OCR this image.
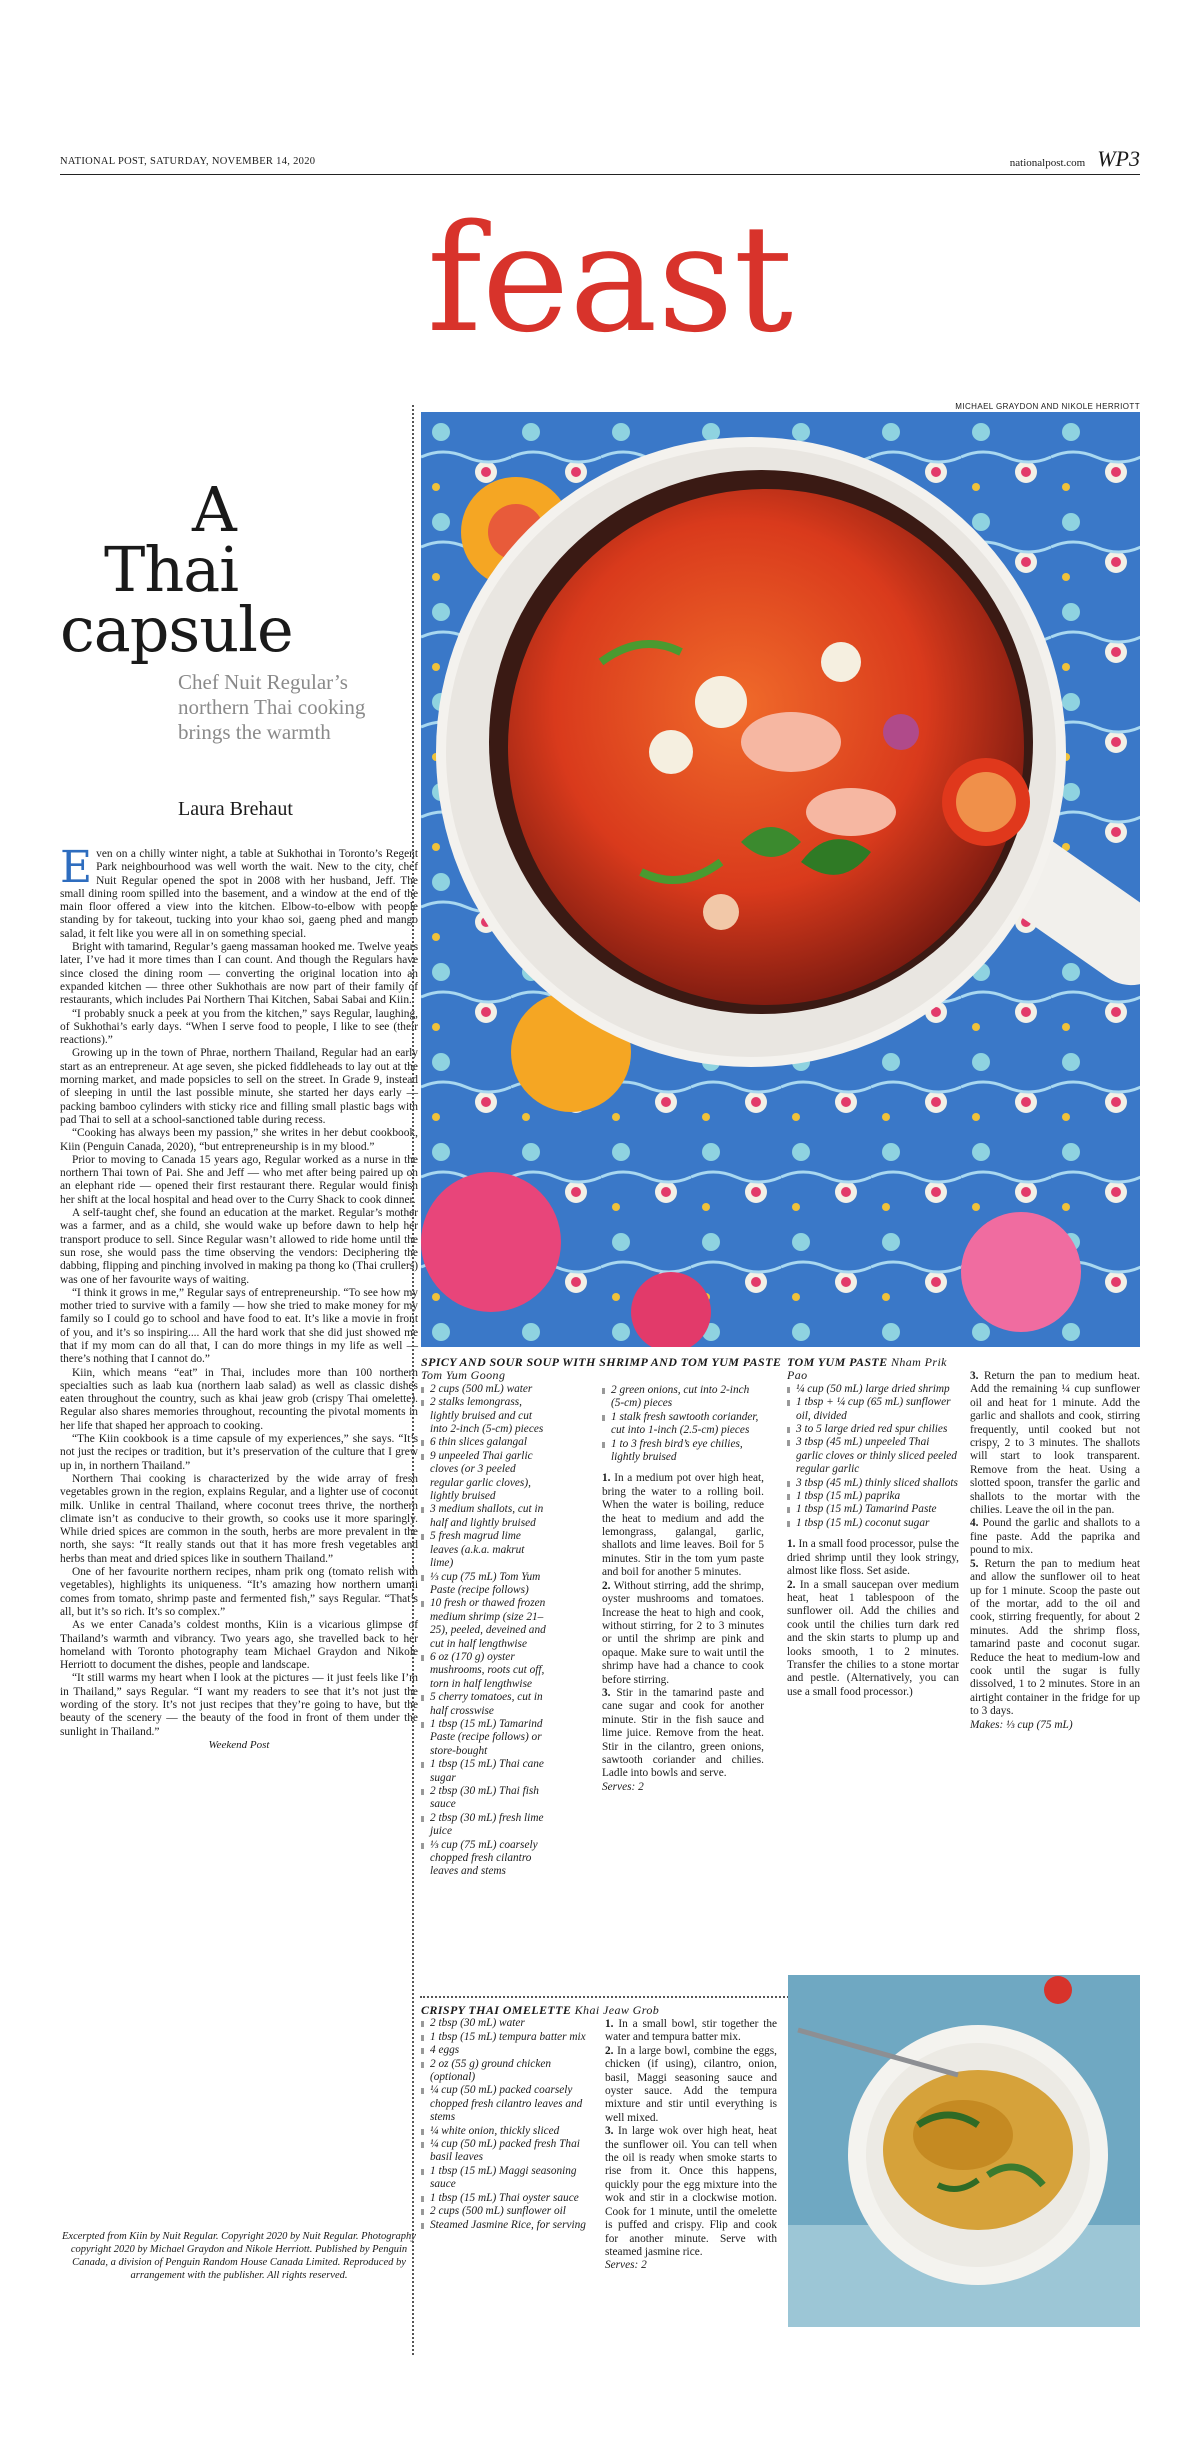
NATIONAL POST, SATURDAY, NOVEMBER 14, 2020	nationalpost.com WP3
feast
MICHAEL GRAYDON AND NIKOLE HERRIOTT
A
Thai
capsule
Chef Nuit Regular’s northern Thai cooking brings the warmth
Laura Brehaut

Even on a chilly winter night, a table at Sukhothai in Toronto’s Regent Park neighbourhood was well worth the wait. New to the city, chef Nuit Regular opened the spot in 2008 with her husband, Jeff. The small dining room spilled into the basement, and a window at the end of the main floor offered a view into the kitchen. Elbow-to-elbow with people standing by for takeout, tucking into your khao soi, gaeng phed and mango salad, it felt like you were all in on something special.

Bright with tamarind, Regular’s gaeng massaman hooked me. Twelve years later, I’ve had it more times than I can count. And though the Regulars have since closed the dining room — converting the original location into an expanded kitchen — three other Sukhothais are now part of their family of restaurants, which includes Pai Northern Thai Kitchen, Sabai Sabai and Kiin.

“I probably snuck a peek at you from the kitchen,” says Regular, laughing, of Sukhothai’s early days. “When I serve food to people, I like to see (their reactions).”

Growing up in the town of Phrae, northern Thailand, Regular had an early start as an entrepreneur. At age seven, she picked fiddleheads to lay out at the morning market, and made popsicles to sell on the street. In Grade 9, instead of sleeping in until the last possible minute, she started her days early — packing bamboo cylinders with sticky rice and filling small plastic bags with pad Thai to sell at a school-sanctioned table during recess.

“Cooking has always been my passion,” she writes in her debut cookbook, Kiin (Penguin Canada, 2020), “but entrepreneurship is in my blood.”

Prior to moving to Canada 15 years ago, Regular worked as a nurse in the northern Thai town of Pai. She and Jeff — who met after being paired up on an elephant ride — opened their first restaurant there. Regular would finish her shift at the local hospital and head over to the Curry Shack to cook dinner.

A self-taught chef, she found an education at the market. Regular’s mother was a farmer, and as a child, she would wake up before dawn to help her transport produce to sell. Since Regular wasn’t allowed to ride home until the sun rose, she would pass the time observing the vendors: Deciphering the dabbing, flipping and pinching involved in making pa thong ko (Thai crullers) was one of her favourite ways of waiting.

“I think it grows in me,” Regular says of entrepreneurship. “To see how my mother tried to survive with a family — how she tried to make money for my family so I could go to school and have food to eat. It’s like a movie in front of you, and it’s so inspiring.... All the hard work that she did just showed me that if my mom can do all that, I can do more things in my life as well — there’s nothing that I cannot do.”

Kiin, which means “eat” in Thai, includes more than 100 northern specialties such as laab kua (northern laab salad) as well as classic dishes eaten throughout the country, such as khai jeaw grob (crispy Thai omelette). Regular also shares memories throughout, recounting the pivotal moments in her life that shaped her approach to cooking.

“The Kiin cookbook is a time capsule of my experiences,” she says. “It’s not just the recipes or tradition, but it’s preservation of the culture that I grew up in, in northern Thailand.”

Northern Thai cooking is characterized by the wide array of fresh vegetables grown in the region, explains Regular, and a lighter use of coconut milk. Unlike in central Thailand, where coconut trees thrive, the northern climate isn’t as conducive to their growth, so cooks use it more sparingly. While dried spices are common in the south, herbs are more prevalent in the north, she says: “It really stands out that it has more fresh vegetables and herbs than meat and dried spices like in southern Thailand.”

One of her favourite northern recipes, nham prik ong (tomato relish with vegetables), highlights its uniqueness. “It’s amazing how northern umami comes from tomato, shrimp paste and fermented fish,” says Regular. “That’s all, but it’s so rich. It’s so complex.”

As we enter Canada’s coldest months, Kiin is a vicarious glimpse of Thailand’s warmth and vibrancy. Two years ago, she travelled back to her homeland with Toronto photography team Michael Graydon and Nikole Herriott to document the dishes, people and landscape.

“It still warms my heart when I look at the pictures — it just feels like I’m in Thailand,” says Regular. “I want my readers to see that it’s not just the wording of the story. It’s not just recipes that they’re going to have, but the beauty of the scenery — the beauty of the food in front of them under the sunlight in Thailand.”

Weekend Post
Excerpted from Kiin by Nuit Regular. Copyright 2020 by Nuit Regular. Photography copyright 2020 by Michael Graydon and Nikole Herriott. Published by Penguin Canada, a division of Penguin Random House Canada Limited. Reproduced by arrangement with the publisher. All rights reserved.
SPICY AND SOUR SOUP WITH SHRIMP AND TOM YUM PASTE Tom Yum Goong
2 cups (500 mL) water
2 stalks lemongrass, lightly bruised and cut into 2-inch (5-cm) pieces
6 thin slices galangal
9 unpeeled Thai garlic cloves (or 3 peeled regular garlic cloves), lightly bruised
3 medium shallots, cut in half and lightly bruised
5 fresh magrud lime leaves (a.k.a. makrut lime)
⅓ cup (75 mL) Tom Yum Paste (recipe follows)
10 fresh or thawed frozen medium shrimp (size 21–25), peeled, deveined and cut in half lengthwise
6 oz (170 g) oyster mushrooms, roots cut off, torn in half lengthwise
5 cherry tomatoes, cut in half crosswise
1 tbsp (15 mL) Tamarind Paste (recipe follows) or store-bought
1 tbsp (15 mL) Thai cane sugar
2 tbsp (30 mL) Thai fish sauce
2 tbsp (30 mL) fresh lime juice
⅓ cup (75 mL) coarsely chopped fresh cilantro leaves and stems
2 green onions, cut into 2-inch (5-cm) pieces
1 stalk fresh sawtooth coriander, cut into 1-inch (2.5-cm) pieces
1 to 3 fresh bird’s eye chilies, lightly bruised

1. In a medium pot over high heat, bring the water to a rolling boil. When the water is boiling, reduce the heat to medium and add the lemongrass, galangal, garlic, shallots and lime leaves. Boil for 5 minutes. Stir in the tom yum paste and boil for another 5 minutes.

2. Without stirring, add the shrimp, oyster mushrooms and tomatoes. Increase the heat to high and cook, without stirring, for 2 to 3 minutes or until the shrimp are pink and opaque. Make sure to wait until the shrimp have had a chance to cook before stirring.

3. Stir in the tamarind paste and cane sugar and cook for another minute. Stir in the fish sauce and lime juice. Remove from the heat. Stir in the cilantro, green onions, sawtooth coriander and chilies. Ladle into bowls and serve.

Serves: 2

TOM YUM PASTE Nham Prik Pao
¼ cup (50 mL) large dried shrimp
1 tbsp + ¼ cup (65 mL) sunflower oil, divided
3 to 5 large dried red spur chilies
3 tbsp (45 mL) unpeeled Thai garlic cloves or thinly sliced peeled regular garlic
3 tbsp (45 mL) thinly sliced shallots
1 tbsp (15 mL) paprika
1 tbsp (15 mL) Tamarind Paste
1 tbsp (15 mL) coconut sugar

1. In a small food processor, pulse the dried shrimp until they look stringy, almost like floss. Set aside.

2. In a small saucepan over medium heat, heat 1 tablespoon of the sunflower oil. Add the chilies and cook until the chilies turn dark red and the skin starts to plump up and looks smooth, 1 to 2 minutes. Transfer the chilies to a stone mortar and pestle. (Alternatively, you can use a small food processor.)

3. Return the pan to medium heat. Add the remaining ¼ cup sunflower oil and heat for 1 minute. Add the garlic and shallots and cook, stirring frequently, until cooked but not crispy, 2 to 3 minutes. The shallots will start to look transparent. Remove from the heat. Using a slotted spoon, transfer the garlic and shallots to the mortar with the chilies. Leave the oil in the pan.

4. Pound the garlic and shallots to a fine paste. Add the paprika and pound to mix.

5. Return the pan to medium heat and allow the sunflower oil to heat up for 1 minute. Scoop the paste out of the mortar, add to the oil and cook, stirring frequently, for about 2 minutes. Add the shrimp floss, tamarind paste and coconut sugar. Reduce the heat to medium-low and cook until the sugar is fully dissolved, 1 to 2 minutes. Store in an airtight container in the fridge for up to 3 days.

Makes: ⅓ cup (75 mL)

CRISPY THAI OMELETTE Khai Jeaw Grob
2 tbsp (30 mL) water
1 tbsp (15 mL) tempura batter mix
4 eggs
2 oz (55 g) ground chicken (optional)
¼ cup (50 mL) packed coarsely chopped fresh cilantro leaves and stems
¼ white onion, thickly sliced
¼ cup (50 mL) packed fresh Thai basil leaves
1 tbsp (15 mL) Maggi seasoning sauce
1 tbsp (15 mL) Thai oyster sauce
2 cups (500 mL) sunflower oil
Steamed Jasmine Rice, for serving

1. In a small bowl, stir together the water and tempura batter mix.

2. In a large bowl, combine the eggs, chicken (if using), cilantro, onion, basil, Maggi seasoning sauce and oyster sauce. Add the tempura mixture and stir until everything is well mixed.

3. In large wok over high heat, heat the sunflower oil. You can tell when the oil is ready when smoke starts to rise from it. Once this happens, quickly pour the egg mixture into the wok and stir in a clockwise motion. Cook for 1 minute, until the omelette is puffed and crispy. Flip and cook for another minute. Serve with steamed jasmine rice.

Serves: 2
